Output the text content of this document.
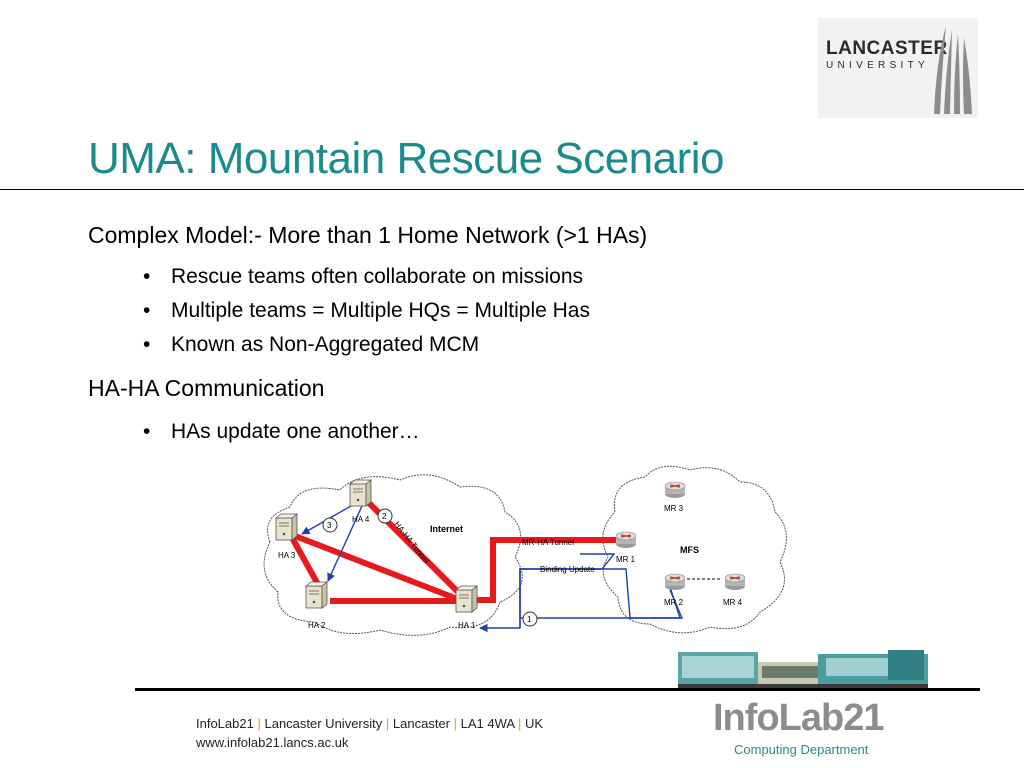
LANCASTER
UNIVERSITY
UMA: Mountain Rescue Scenario
Complex Model:- More than 1 Home Network (>1 HAs)
• Rescue teams often collaborate on missions
• Multiple teams = Multiple HQs = Multiple Has
• Known as Non-Aggregated MCM
HA-HA Communication
• HAs update one another…
Internet
MFS
HA 4
HA 3
HA 2	HA 1
MR 3
MR 1
MR 2	MR 4
MR-HA Tunnel
Binding Update
HA-HA Tunnel
1
2
3
InfoLab21 | Lancaster University | Lancaster | LA1 4WA | UK
www.infolab21.lancs.ac.uk
InfoLab21
Computing Department
